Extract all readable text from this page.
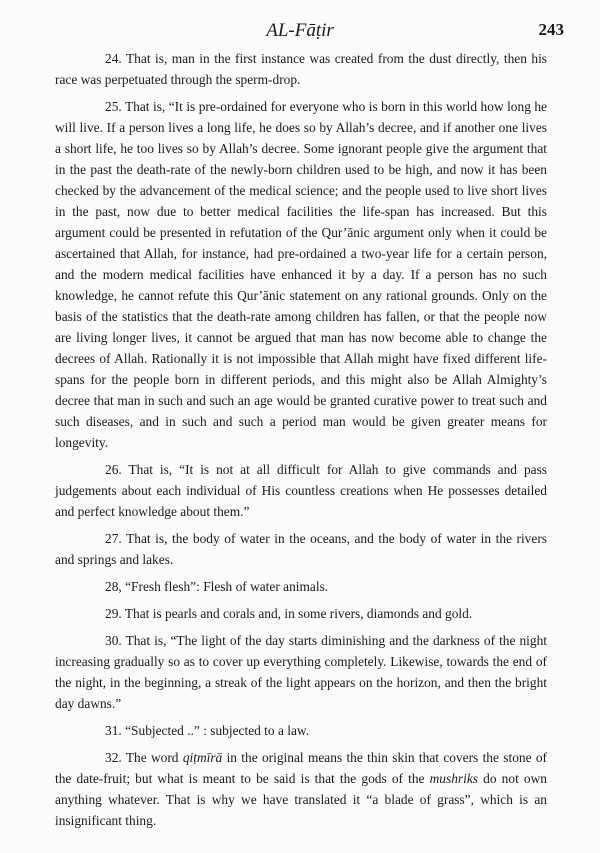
AL-Fāṭir	243

24. That is, man in the first instance was created from the dust directly, then his race was perpetuated through the sperm-drop.

25. That is, “It is pre-ordained for everyone who is born in this world how long he will live. If a person lives a long life, he does so by Allah’s decree, and if another one lives a short life, he too lives so by Allah’s decree. Some ignorant people give the argument that in the past the death-rate of the newly-born children used to be high, and now it has been checked by the advancement of the medical science; and the people used to live short lives in the past, now due to better medical facilities the life-span has increased. But this argument could be presented in refutation of the Qur’ānic argument only when it could be ascertained that Allah, for instance, had pre-ordained a two-year life for a certain person, and the modern medical facilities have enhanced it by a day. If a person has no such knowledge, he cannot refute this Qur’ānic statement on any rational grounds. Only on the basis of the statistics that the death-rate among children has fallen, or that the people now are living longer lives, it cannot be argued that man has now become able to change the decrees of Allah. Rationally it is not impossible that Allah might have fixed different life-spans for the people born in different periods, and this might also be Allah Almighty’s decree that man in such and such an age would be granted curative power to treat such and such diseases, and in such and such a period man would be given greater means for longevity.

26. That is, “It is not at all difficult for Allah to give commands and pass judgements about each individual of His countless creations when He possesses detailed and perfect knowledge about them.”

27. That is, the body of water in the oceans, and the body of water in the rivers and springs and lakes.

28, “Fresh flesh”: Flesh of water animals.

29. That is pearls and corals and, in some rivers, diamonds and gold.

30. That is, “The light of the day starts diminishing and the darkness of the night increasing gradually so as to cover up everything completely. Likewise, towards the end of the night, in the beginning, a streak of the light appears on the horizon, and then the bright day dawns.”

31. “Subjected ..” : subjected to a law.

32. The word qiṭmīrā in the original means the thin skin that covers the stone of the date-fruit; but what is meant to be said is that the gods of the mushriks do not own anything whatever. That is why we have translated it “a blade of grass”, which is an insignificant thing.
